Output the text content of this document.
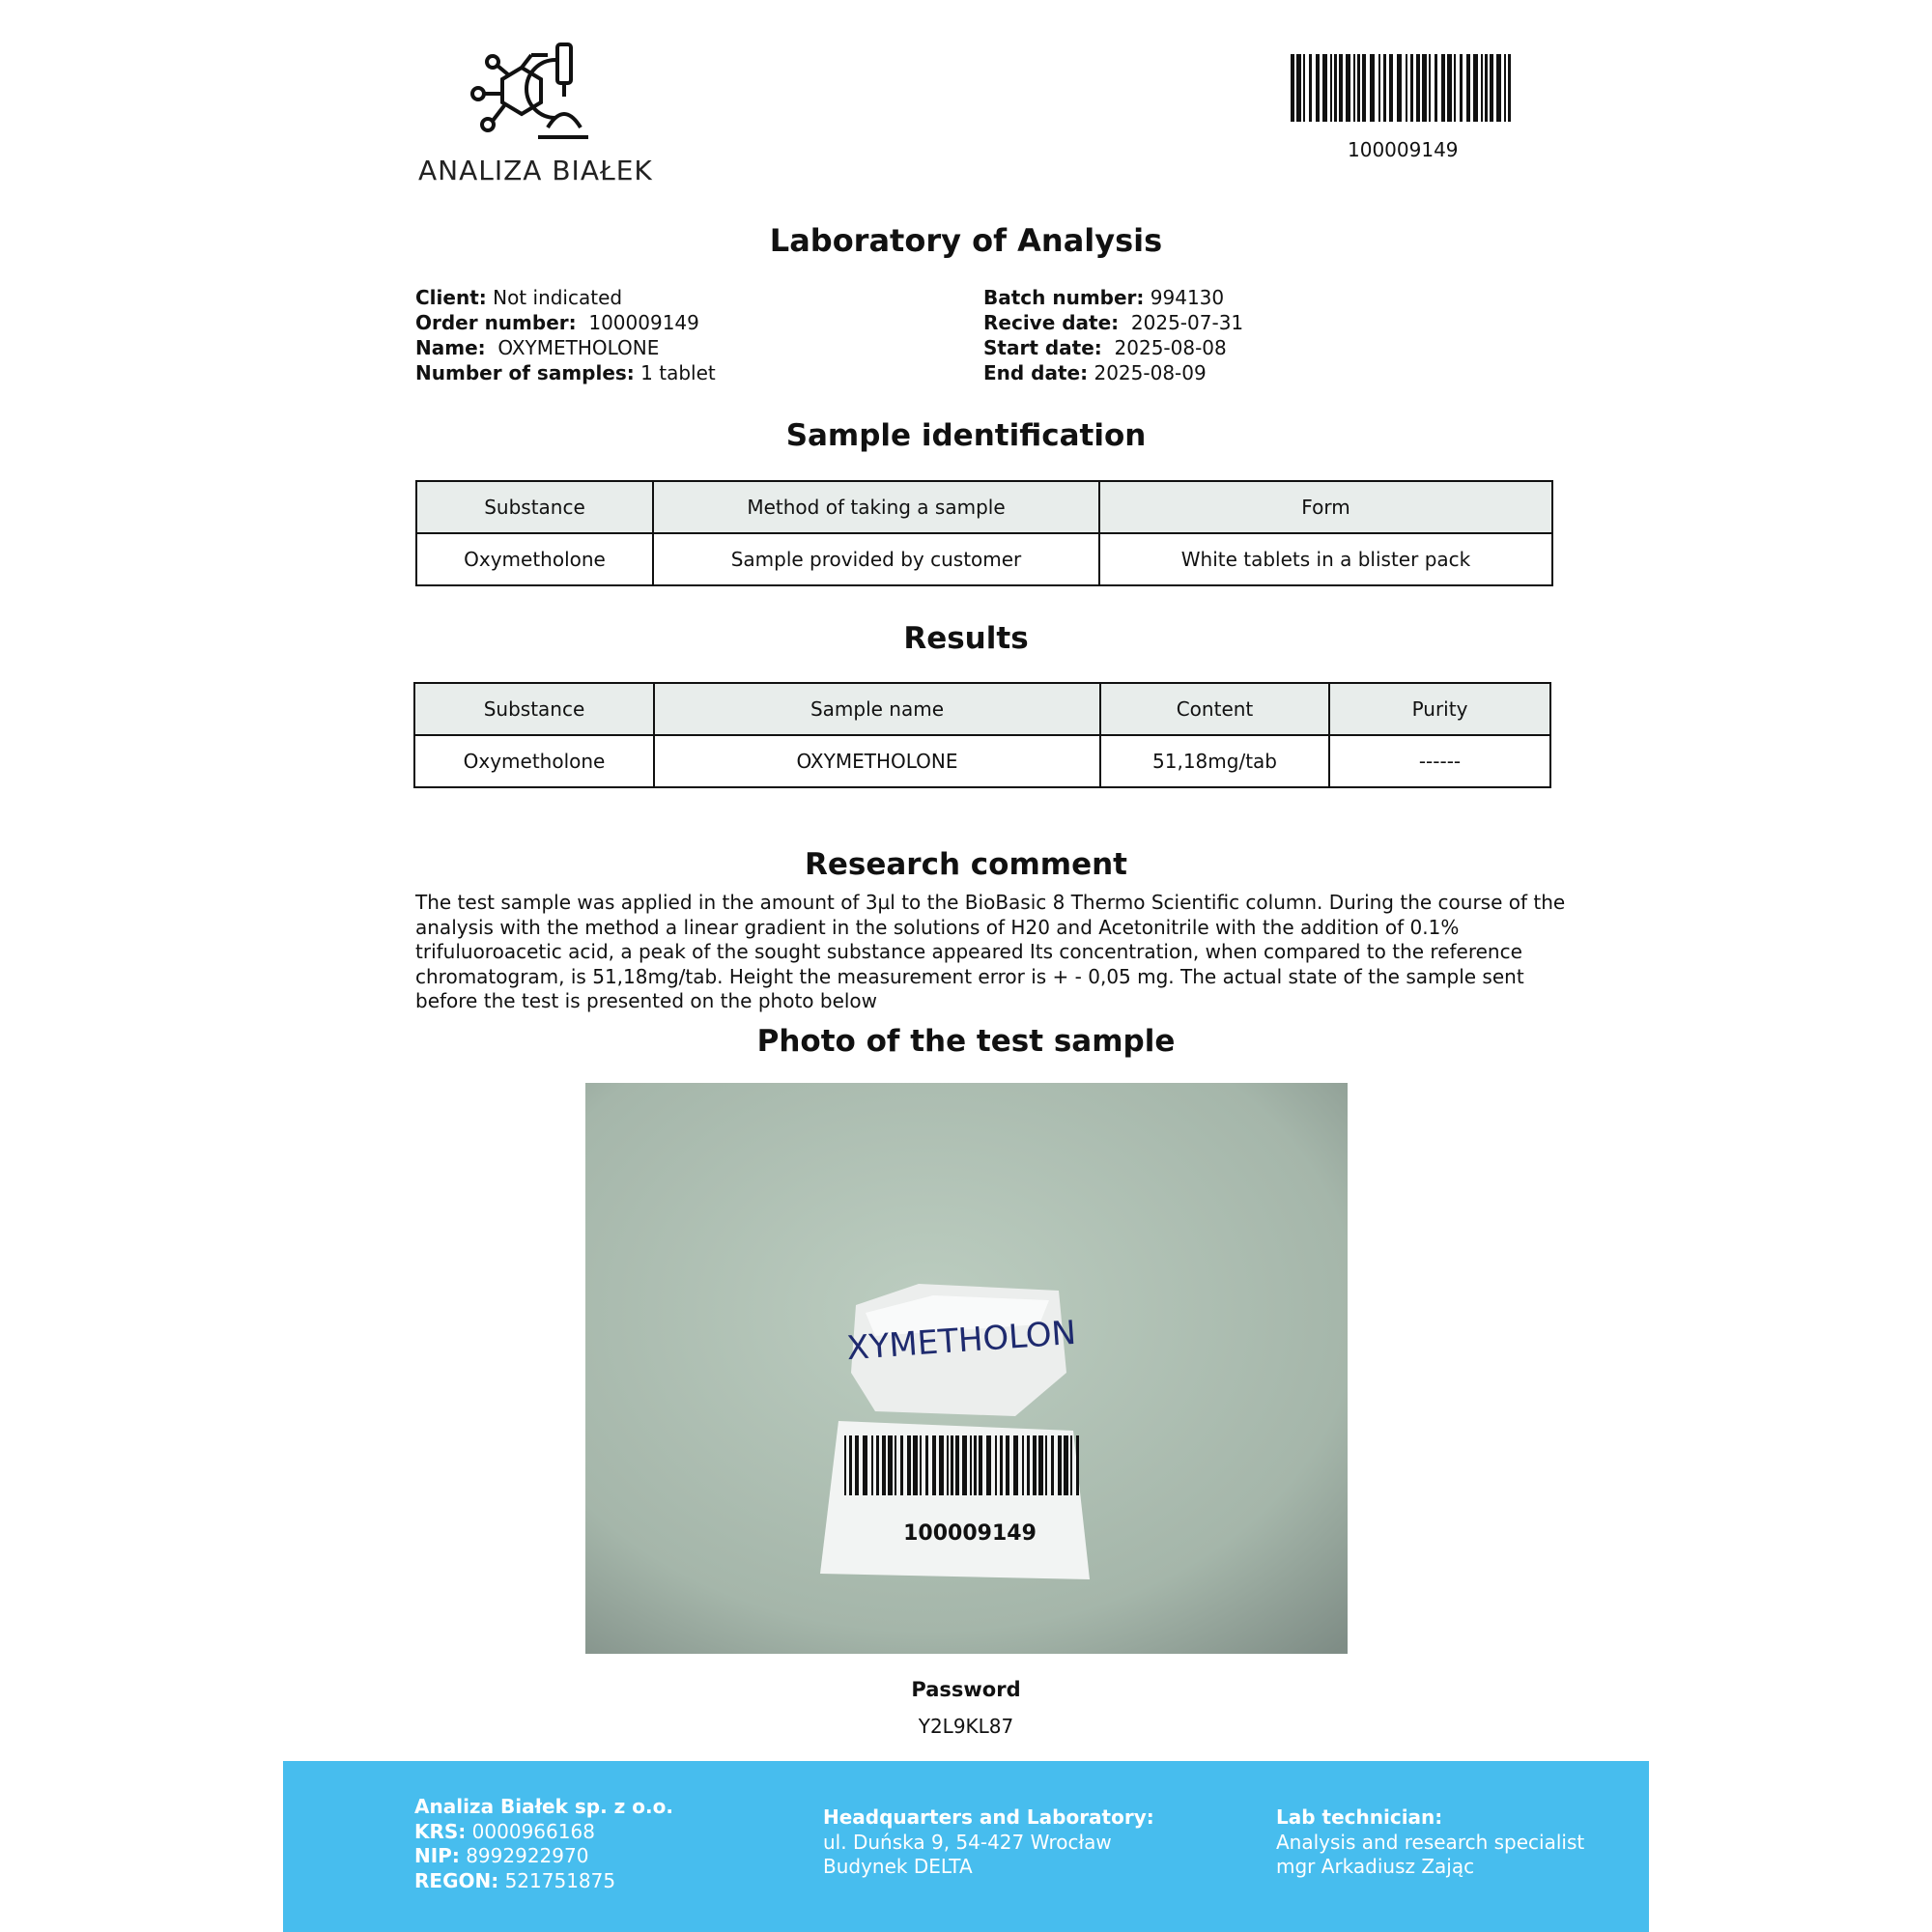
ANALIZA BIAŁEK
100009149
Laboratory of Analysis
Client: Not indicated
Order number: 100009149
Name: OXYMETHOLONE
Number of samples: 1 tablet
Batch number: 994130
Recive date: 2025-07-31
Start date: 2025-08-08
End date: 2025-08-09
Sample identification
Substance	Method of taking a sample	Form
Oxymetholone	Sample provided by customer	White tablets in a blister pack
Results
Substance	Sample name	Content	Purity
Oxymetholone	OXYMETHOLONE	51,18mg/tab	------
Research comment
The test sample was applied in the amount of 3µl to the BioBasic 8 Thermo Scientific column. During the course of the analysis with the method a linear gradient in the solutions of H20 and Acetonitrile with the addition of 0.1% trifuluoroacetic acid, a peak of the sought substance appeared Its concentration, when compared to the reference chromatogram, is 51,18mg/tab. Height the measurement error is + - 0,05 mg. The actual state of the sample sent before the test is presented on the photo below
Photo of the test sample
100009149
XYMETHOLON
Password
Y2L9KL87
Analiza Białek sp. z o.o.
KRS: 0000966168
NIP: 8992922970
REGON: 521751875
Headquarters and Laboratory:
ul. Duńska 9, 54-427 Wrocław
Budynek DELTA
Lab technician:
Analysis and research specialist
mgr Arkadiusz Zając
